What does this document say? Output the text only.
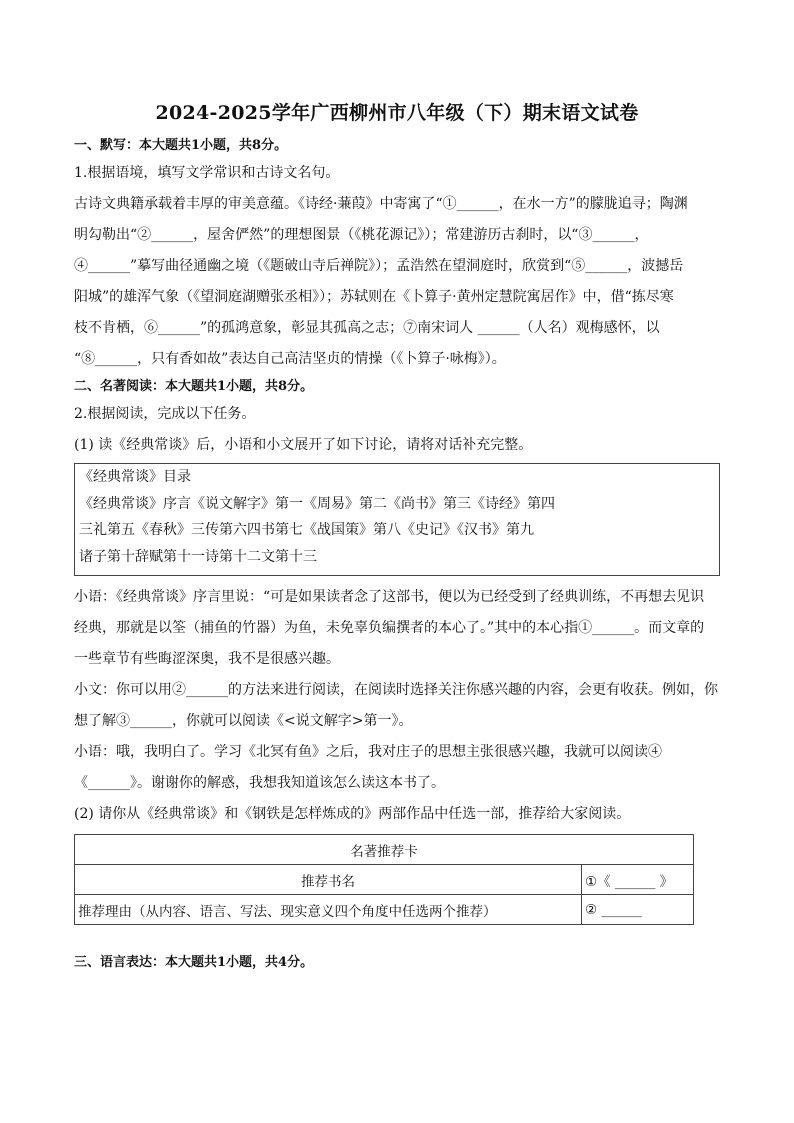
2024-2025学年广西柳州市八年级（下）期末语文试卷

一、默写：本大题共1小题，共8分。

1.根据语境，填写文学常识和古诗文名句。

古诗文典籍承载着丰厚的审美意蕴。《诗经·蒹葭》中寄寓了“①______，在水一方”的朦胧追寻；陶渊

明勾勒出“②______，屋舍俨然”的理想图景（《桃花源记》）；常建游历古刹时，以“③______，

④______”摹写曲径通幽之境（《题破山寺后禅院》）；孟浩然在望洞庭时，欣赏到“⑤______，波撼岳

阳城”的雄浑气象（《望洞庭湖赠张丞相》）；苏轼则在《卜算子·黄州定慧院寓居作》中，借“拣尽寒

枝不肯栖，⑥______”的孤鸿意象，彰显其孤高之志；⑦南宋词人 ______（人名）观梅感怀，以

“⑧______，只有香如故”表达自己高洁坚贞的情操（《卜算子·咏梅》）。

二、名著阅读：本大题共1小题，共8分。

2.根据阅读，完成以下任务。

(1) 读《经典常谈》后，小语和小文展开了如下讨论，请将对话补充完整。

《经典常谈》目录
《经典常谈》序言《说文解字》第一《周易》第二《尚书》第三《诗经》第四
三礼第五《春秋》三传第六四书第七《战国策》第八《史记》《汉书》第九
诸子第十辞赋第十一诗第十二文第十三

小语：《经典常谈》序言里说：“可是如果读者念了这部书，便以为已经受到了经典训练，不再想去见识

经典，那就是以筌（捕鱼的竹器）为鱼，未免辜负编撰者的本心了。”其中的本心指①______。而文章的

一些章节有些晦涩深奥，我不是很感兴趣。

小文：你可以用②______的方法来进行阅读，在阅读时选择关注你感兴趣的内容，会更有收获。例如，你

想了解③______，你就可以阅读《<说文解字>第一》。

小语：哦，我明白了。学习《北冥有鱼》之后，我对庄子的思想主张很感兴趣，我就可以阅读④

《______》。谢谢你的解惑，我想我知道该怎么读这本书了。

(2) 请你从《经典常谈》和《钢铁是怎样炼成的》两部作品中任选一部，推荐给大家阅读。

名著推荐卡	
推荐书名	①《 ______ 》
推荐理由（从内容、语言、写法、现实意义四个角度中任选两个推荐）	② ______

三、语言表达：本大题共1小题，共4分。
